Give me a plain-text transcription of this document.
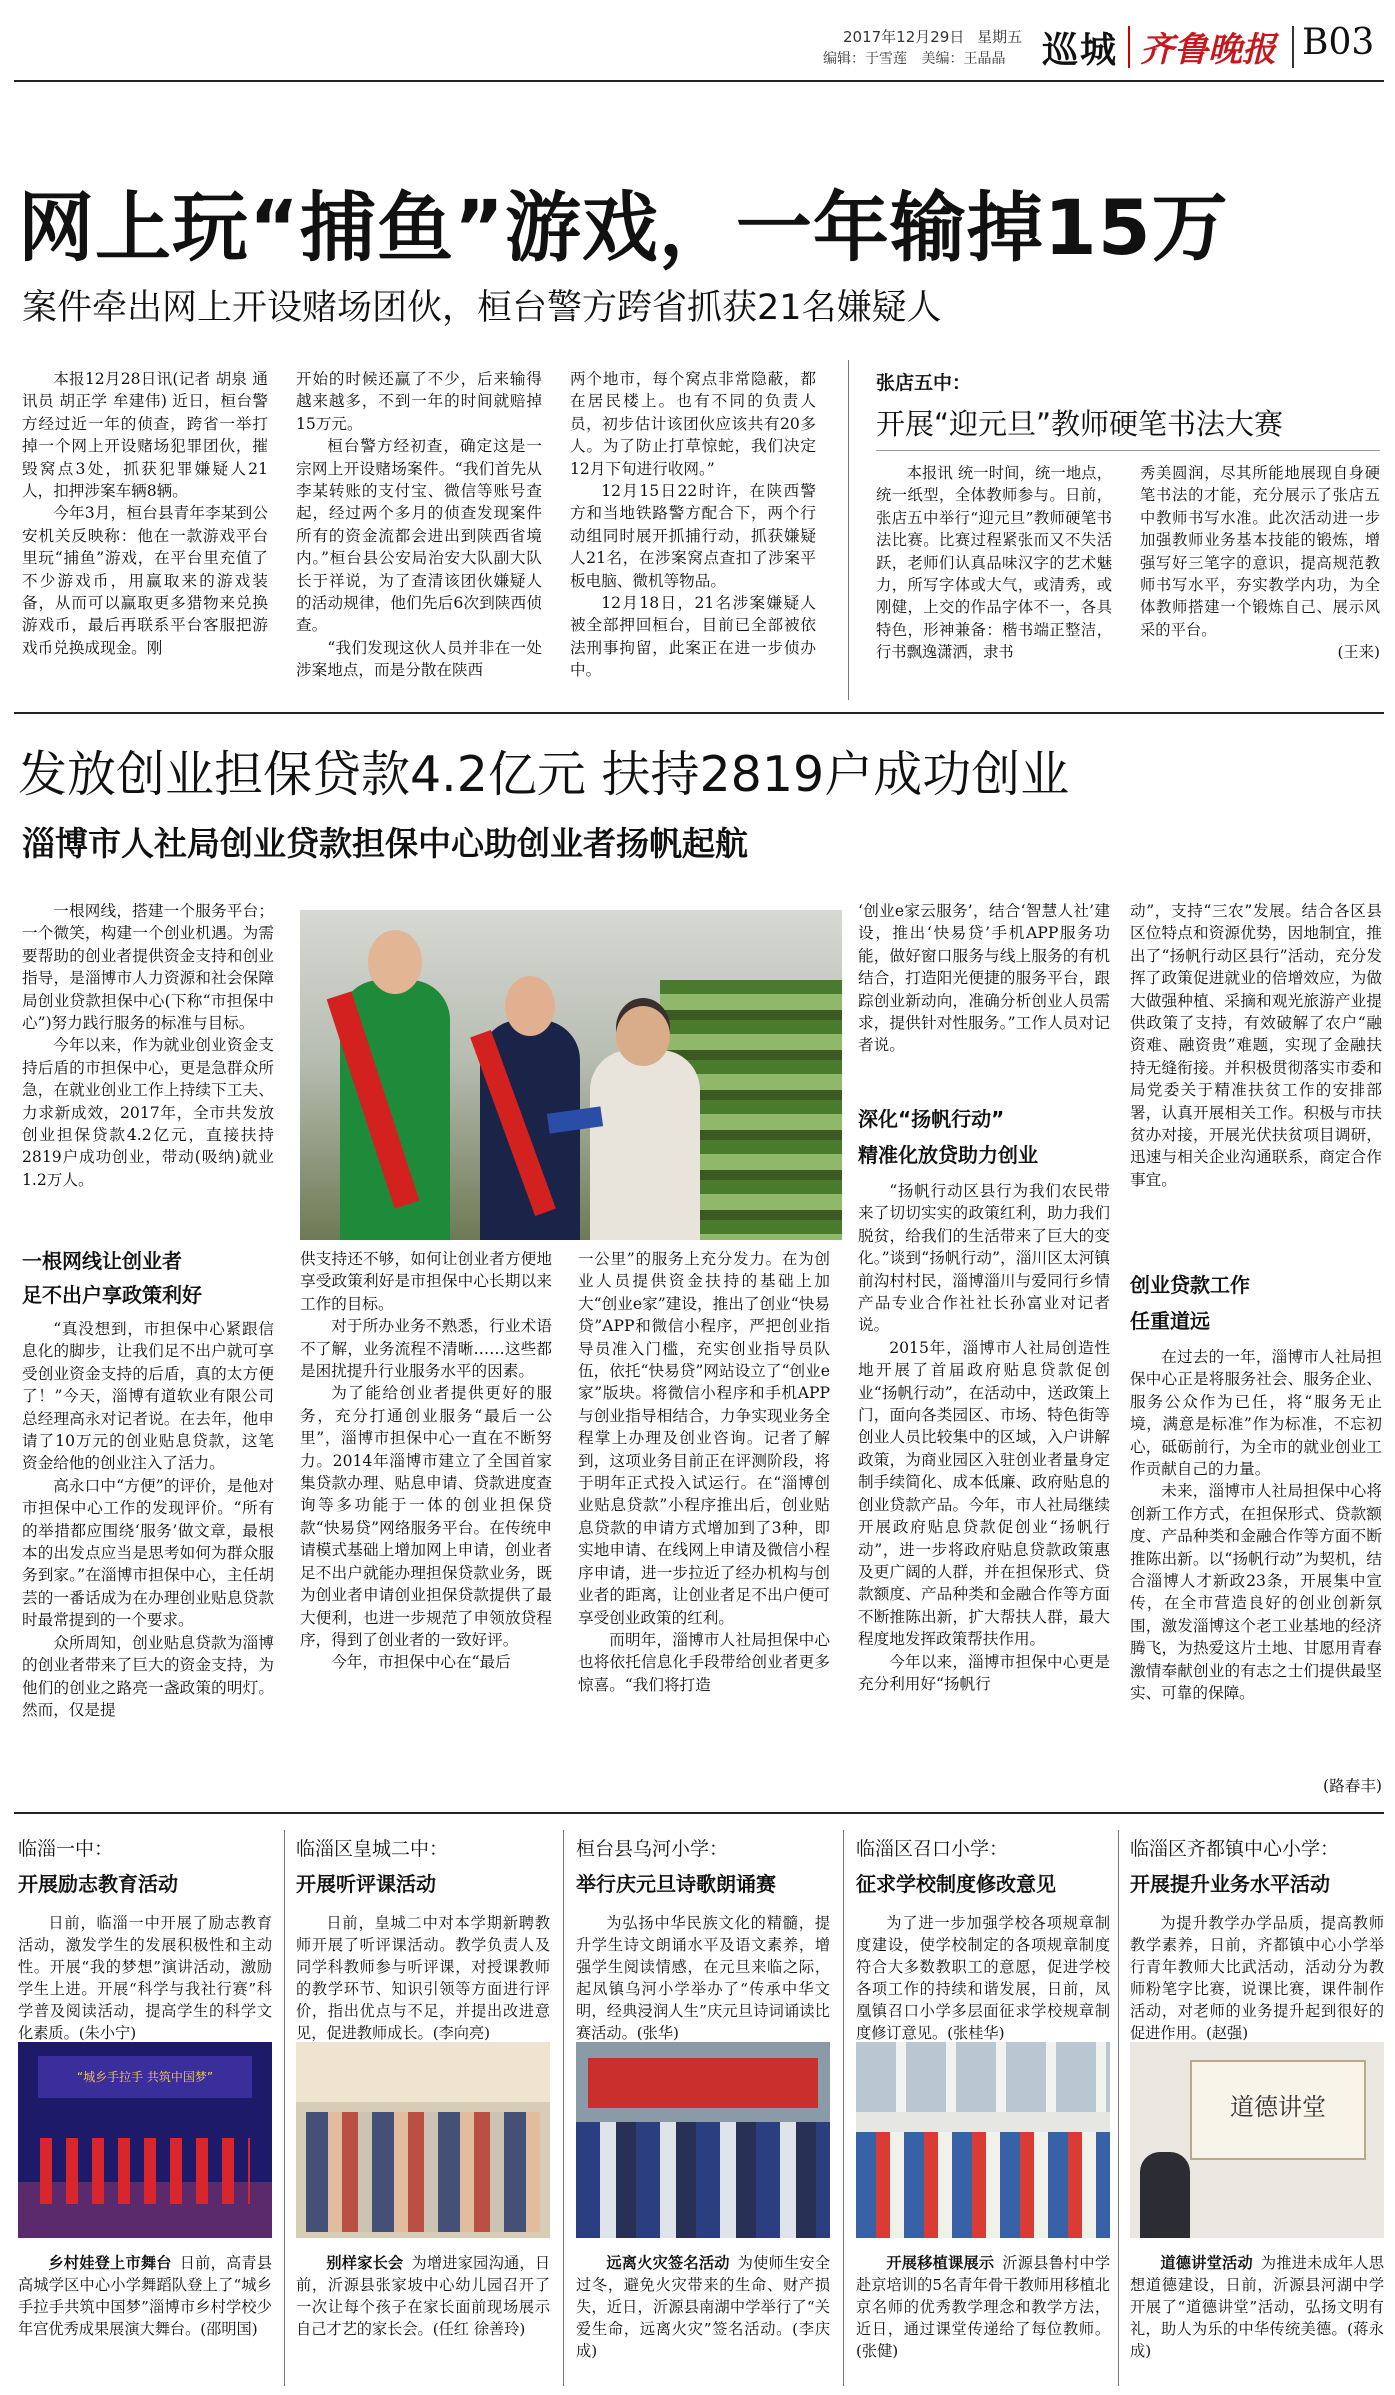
2017年12月29日 星期五
编辑：于雪莲 美编：王晶晶 巡城 齐鲁晚报 B03
网上玩“捕鱼”游戏，一年输掉15万
案件牵出网上开设赌场团伙，桓台警方跨省抓获21名嫌疑人

本报12月28日讯(记者 胡泉 通讯员 胡正学 牟建伟) 近日，桓台警方经过近一年的侦查，跨省一举打掉一个网上开设赌场犯罪团伙，摧毁窝点3处，抓获犯罪嫌疑人21人，扣押涉案车辆8辆。

今年3月，桓台县青年李某到公安机关反映称：他在一款游戏平台里玩“捕鱼”游戏，在平台里充值了不少游戏币，用赢取来的游戏装备，从而可以赢取更多猎物来兑换游戏币，最后再联系平台客服把游戏币兑换成现金。刚

开始的时候还赢了不少，后来输得越来越多，不到一年的时间就赔掉15万元。

桓台警方经初查，确定这是一宗网上开设赌场案件。“我们首先从李某转账的支付宝、微信等账号查起，经过两个多月的侦查发现案件所有的资金流都会进出到陕西省境内。”桓台县公安局治安大队副大队长于祥说，为了查清该团伙嫌疑人的活动规律，他们先后6次到陕西侦查。

“我们发现这伙人员并非在一处涉案地点，而是分散在陕西

两个地市，每个窝点非常隐蔽，都在居民楼上。也有不同的负责人员，初步估计该团伙应该共有20多人。为了防止打草惊蛇，我们决定12月下旬进行收网。”

12月15日22时许，在陕西警方和当地铁路警方配合下，两个行动组同时展开抓捕行动，抓获嫌疑人21名，在涉案窝点查扣了涉案平板电脑、微机等物品。

12月18日，21名涉案嫌疑人被全部押回桓台，目前已全部被依法刑事拘留，此案正在进一步侦办中。

张店五中：
开展“迎元旦”教师硬笔书法大赛

本报讯 统一时间，统一地点，统一纸型，全体教师参与。日前，张店五中举行“迎元旦”教师硬笔书法比赛。比赛过程紧张而又不失活跃，老师们认真品味汉字的艺术魅力，所写字体或大气，或清秀，或刚健，上交的作品字体不一，各具特色，形神兼备：楷书端正整洁，行书飘逸潇洒，隶书

秀美圆润，尽其所能地展现自身硬笔书法的才能，充分展示了张店五中教师书写水准。此次活动进一步加强教师业务基本技能的锻炼，增强写好三笔字的意识，提高规范教师书写水平，夯实教学内功，为全体教师搭建一个锻炼自己、展示风采的平台。

(王来)
发放创业担保贷款4.2亿元 扶持2819户成功创业
淄博市人社局创业贷款担保中心助创业者扬帆起航

一根网线，搭建一个服务平台；一个微笑，构建一个创业机遇。为需要帮助的创业者提供资金支持和创业指导，是淄博市人力资源和社会保障局创业贷款担保中心(下称“市担保中心”)努力践行服务的标准与目标。

今年以来，作为就业创业资金支持后盾的市担保中心，更是急群众所急，在就业创业工作上持续下工夫、力求新成效，2017年，全市共发放创业担保贷款4.2亿元，直接扶持2819户成功创业，带动(吸纳)就业1.2万人。

一根网线让创业者
足不出户享政策利好

“真没想到，市担保中心紧跟信息化的脚步，让我们足不出户就可享受创业资金支持的后盾，真的太方便了！”今天，淄博有道软业有限公司总经理高永对记者说。在去年，他申请了10万元的创业贴息贷款，这笔资金给他的创业注入了活力。

高永口中“方便”的评价，是他对市担保中心工作的发现评价。“所有的举措都应围绕‘服务’做文章，最根本的出发点应当是思考如何为群众服务到家。”在淄博市担保中心，主任胡芸的一番话成为在办理创业贴息贷款时最常提到的一个要求。

众所周知，创业贴息贷款为淄博的创业者带来了巨大的资金支持，为他们的创业之路亮一盏政策的明灯。然而，仅是提

供支持还不够，如何让创业者方便地享受政策利好是市担保中心长期以来工作的目标。

对于所办业务不熟悉，行业术语不了解，业务流程不清晰……这些都是困扰提升行业服务水平的因素。

为了能给创业者提供更好的服务，充分打通创业服务“最后一公里”，淄博市担保中心一直在不断努力。2014年淄博市建立了全国首家集贷款办理、贴息申请、贷款进度查询等多功能于一体的创业担保贷款“快易贷”网络服务平台。在传统申请模式基础上增加网上申请，创业者足不出户就能办理担保贷款业务，既为创业者申请创业担保贷款提供了最大便利，也进一步规范了申领放贷程序，得到了创业者的一致好评。

今年，市担保中心在“最后

一公里”的服务上充分发力。在为创业人员提供资金扶持的基础上加大“创业e家”建设，推出了创业“快易贷”APP和微信小程序，严把创业指导员准入门槛，充实创业指导员队伍，依托“快易贷”网站设立了“创业e家”版块。将微信小程序和手机APP与创业指导相结合，力争实现业务全程掌上办理及创业咨询。记者了解到，这项业务目前正在评测阶段，将于明年正式投入试运行。在“淄博创业贴息贷款”小程序推出后，创业贴息贷款的申请方式增加到了3种，即实地申请、在线网上申请及微信小程序申请，进一步拉近了经办机构与创业者的距离，让创业者足不出户便可享受创业政策的红利。

而明年，淄博市人社局担保中心也将依托信息化手段带给创业者更多惊喜。“我们将打造

‘创业e家云服务’，结合‘智慧人社’建设，推出‘快易贷’手机APP服务功能，做好窗口服务与线上服务的有机结合，打造阳光便捷的服务平台，跟踪创业新动向，准确分析创业人员需求，提供针对性服务。”工作人员对记者说。

深化“扬帆行动”
精准化放贷助力创业

“扬帆行动区县行为我们农民带来了切切实实的政策红利，助力我们脱贫，给我们的生活带来了巨大的变化。”谈到“扬帆行动”，淄川区太河镇前沟村村民，淄博淄川与爱同行乡情产品专业合作社社长孙富业对记者说。

2015年，淄博市人社局创造性地开展了首届政府贴息贷款促创业“扬帆行动”，在活动中，送政策上门，面向各类园区、市场、特色街等创业人员比较集中的区域，入户讲解政策，为商业园区入驻创业者量身定制手续简化、成本低廉、政府贴息的创业贷款产品。今年，市人社局继续开展政府贴息贷款促创业“扬帆行动”，进一步将政府贴息贷款政策惠及更广阔的人群，并在担保形式、贷款额度、产品种类和金融合作等方面不断推陈出新，扩大帮扶人群，最大程度地发挥政策帮扶作用。

今年以来，淄博市担保中心更是充分利用好“扬帆行

动”，支持“三农”发展。结合各区县区位特点和资源优势，因地制宜，推出了“扬帆行动区县行”活动，充分发挥了政策促进就业的倍增效应，为做大做强种植、采摘和观光旅游产业提供政策了支持，有效破解了农户“融资难、融资贵”难题，实现了金融扶持无缝衔接。并积极贯彻落实市委和局党委关于精准扶贫工作的安排部署，认真开展相关工作。积极与市扶贫办对接，开展光伏扶贫项目调研，迅速与相关企业沟通联系，商定合作事宜。

创业贷款工作
任重道远

在过去的一年，淄博市人社局担保中心正是将服务社会、服务企业、服务公众作为已任，将“服务无止境，满意是标准”作为标准，不忘初心，砥砺前行，为全市的就业创业工作贡献自己的力量。

未来，淄博市人社局担保中心将创新工作方式，在担保形式、贷款额度、产品种类和金融合作等方面不断推陈出新。以“扬帆行动”为契机，结合淄博人才新政23条，开展集中宣传，在全市营造良好的创业创新氛围，激发淄博这个老工业基地的经济腾飞，为热爱这片土地、甘愿用青春激情奉献创业的有志之士们提供最坚实、可靠的保障。

(路春丰)
临淄一中：
开展励志教育活动
日前，临淄一中开展了励志教育活动，激发学生的发展积极性和主动性。开展“我的梦想”演讲活动，激励学生上进。开展“科学与我社行赛”科学普及阅读活动，提高学生的科学文化素质。(朱小宁)
临淄区皇城二中：
开展听评课活动
日前，皇城二中对本学期新聘教师开展了听评课活动。教学负责人及同学科教师参与听评课，对授课教师的教学环节、知识引领等方面进行评价，指出优点与不足，并提出改进意见，促进教师成长。(李向亮)
桓台县乌河小学：
举行庆元旦诗歌朗诵赛
为弘扬中华民族文化的精髓，提升学生诗文朗诵水平及语文素养，增强学生阅读情感，在元旦来临之际，起凤镇乌河小学举办了“传承中华文明，经典浸润人生”庆元旦诗词诵读比赛活动。(张华)
临淄区召口小学：
征求学校制度修改意见
为了进一步加强学校各项规章制度建设，使学校制定的各项规章制度符合大多数教职工的意愿，促进学校各项工作的持续和谐发展，日前，凤凰镇召口小学多层面征求学校规章制度修订意见。(张桂华)
临淄区齐都镇中心小学：
开展提升业务水平活动
为提升教学办学品质，提高教师教学素养，日前，齐都镇中心小学举行青年教师大比武活动，活动分为教师粉笔字比赛，说课比赛，课件制作活动，对老师的业务提升起到很好的促进作用。(赵强)
“城乡手拉手 共筑中国梦”
道德讲堂
乡村娃登上市舞台 日前，高青县高城学区中心小学舞蹈队登上了“城乡手拉手共筑中国梦”淄博市乡村学校少年宫优秀成果展演大舞台。(邵明国)
别样家长会 为增进家园沟通，日前，沂源县张家坡中心幼儿园召开了一次让每个孩子在家长面前现场展示自己才艺的家长会。(任红 徐善玲)
远离火灾签名活动 为使师生安全过冬，避免火灾带来的生命、财产损失，近日，沂源县南湖中学举行了“关爱生命，远离火灾”签名活动。(李庆成)
开展移植课展示 沂源县鲁村中学赴京培训的5名青年骨干教师用移植北京名师的优秀教学理念和教学方法，近日，通过课堂传递给了每位教师。(张健)
道德讲堂活动 为推进未成年人思想道德建设，日前，沂源县河湖中学开展了“道德讲堂”活动，弘扬文明有礼，助人为乐的中华传统美德。(蒋永成)
